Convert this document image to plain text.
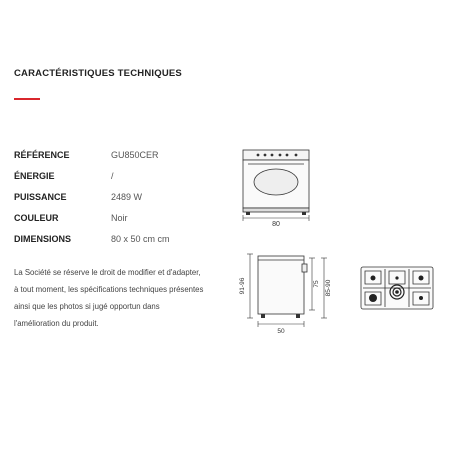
CARACTÉRISTIQUES TECHNIQUES
RÉFÉRENCE	GU850CER
ÉNERGIE	/
PUISSANCE	2489 W
COULEUR	Noir
DIMENSIONS	80 x 50 cm cm
La Société se réserve le droit de modifier et d'adapter, à tout moment, les spécifications techniques présentes ainsi que les photos si jugé opportun dans l'amélioration du produit.
80
91-96	75 85-90
50
